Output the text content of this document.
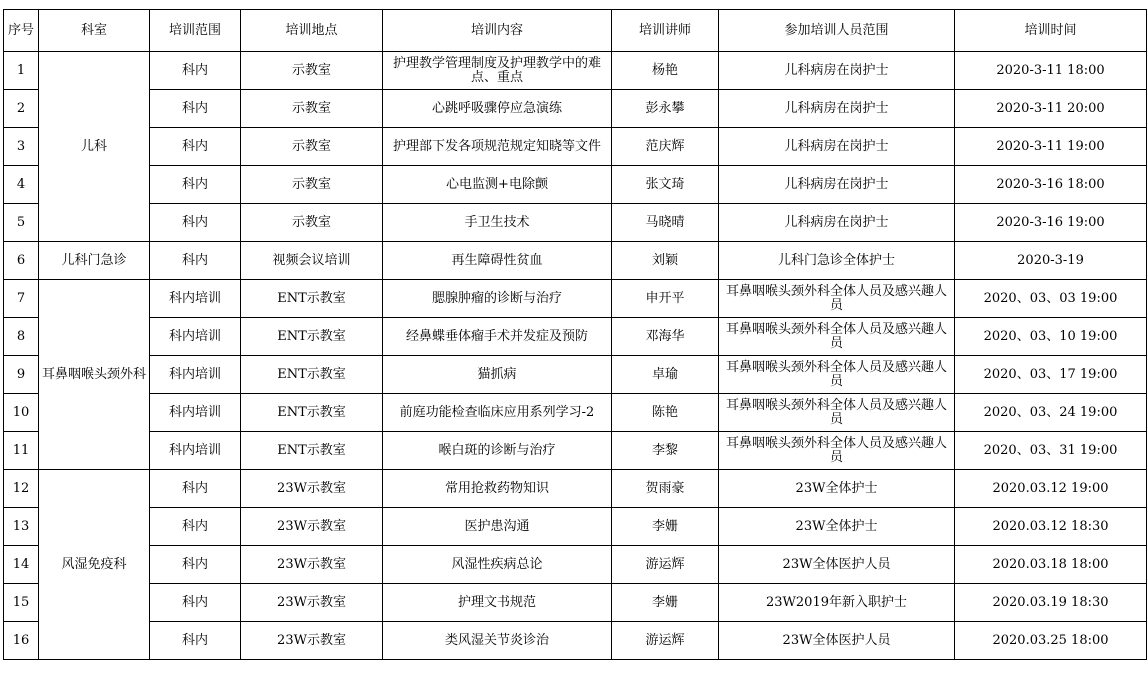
序号	科室	培训范围	培训地点	培训内容	培训讲师	参加培训人员范围	培训时间
1	儿科	科内	示教室	护理教学管理制度及护理教学中的难点、重点	杨艳	儿科病房在岗护士	2020-3-11 18:00
2		科内	示教室	心跳呼吸骤停应急演练	彭永攀	儿科病房在岗护士	2020-3-11 20:00
3		科内	示教室	护理部下发各项规范规定知晓等文件	范庆辉	儿科病房在岗护士	2020-3-11 19:00
4		科内	示教室	心电监测+电除颤	张文琦	儿科病房在岗护士	2020-3-16 18:00
5		科内	示教室	手卫生技术	马晓晴	儿科病房在岗护士	2020-3-16 19:00
6	儿科门急诊	科内	视频会议培训	再生障碍性贫血	刘颖	儿科门急诊全体护士	2020-3-19
7	耳鼻咽喉头颈外科	科内培训	ENT示教室	腮腺肿瘤的诊断与治疗	申开平	耳鼻咽喉头颈外科全体人员及感兴趣人员	2020、03、03 19:00
8		科内培训	ENT示教室	经鼻蝶垂体瘤手术并发症及预防	邓海华	耳鼻咽喉头颈外科全体人员及感兴趣人员	2020、03、10 19:00
9		科内培训	ENT示教室	猫抓病	卓瑜	耳鼻咽喉头颈外科全体人员及感兴趣人员	2020、03、17 19:00
10		科内培训	ENT示教室	前庭功能检查临床应用系列学习-2	陈艳	耳鼻咽喉头颈外科全体人员及感兴趣人员	2020、03、24 19:00
11		科内培训	ENT示教室	喉白斑的诊断与治疗	李黎	耳鼻咽喉头颈外科全体人员及感兴趣人员	2020、03、31 19:00
12	风湿免疫科	科内	23W示教室	常用抢救药物知识	贺雨豪	23W全体护士	2020.03.12 19:00
13		科内	23W示教室	医护患沟通	李姗	23W全体护士	2020.03.12 18:30
14		科内	23W示教室	风湿性疾病总论	游运辉	23W全体医护人员	2020.03.18 18:00
15		科内	23W示教室	护理文书规范	李姗	23W2019年新入职护士	2020.03.19 18:30
16		科内	23W示教室	类风湿关节炎诊治	游运辉	23W全体医护人员	2020.03.25 18:00
